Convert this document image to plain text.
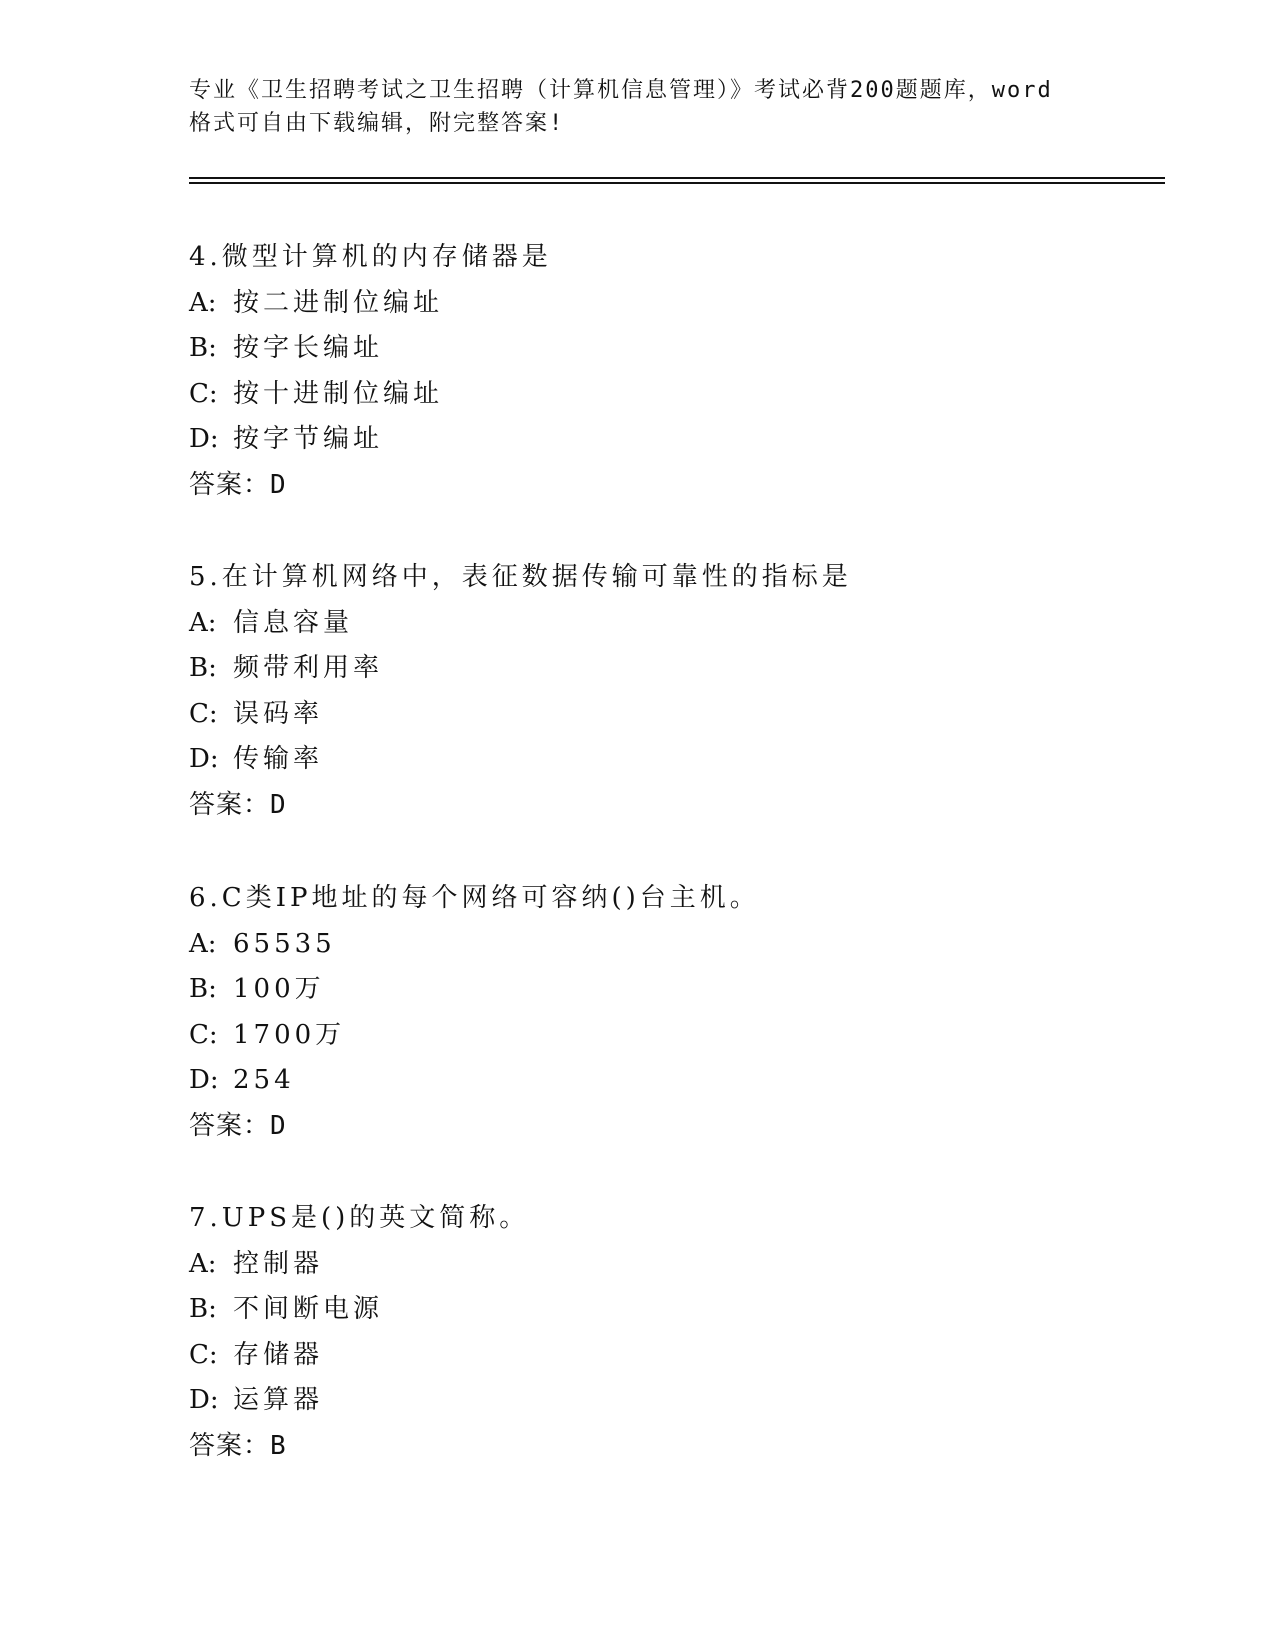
专业《卫生招聘考试之卫生招聘（计算机信息管理）》考试必背200题题库，word
格式可自由下载编辑，附完整答案!
4.微型计算机的内存储器是
A: 按二进制位编址
B: 按字长编址
C: 按十进制位编址
D: 按字节编址
答案：D
5.在计算机网络中，表征数据传输可靠性的指标是
A: 信息容量
B: 频带利用率
C: 误码率
D: 传输率
答案：D
6.C类IP地址的每个网络可容纳()台主机。
A: 65535
B: 100万
C: 1700万
D: 254
答案：D
7.UPS是()的英文简称。
A: 控制器
B: 不间断电源
C: 存储器
D: 运算器
答案：B
